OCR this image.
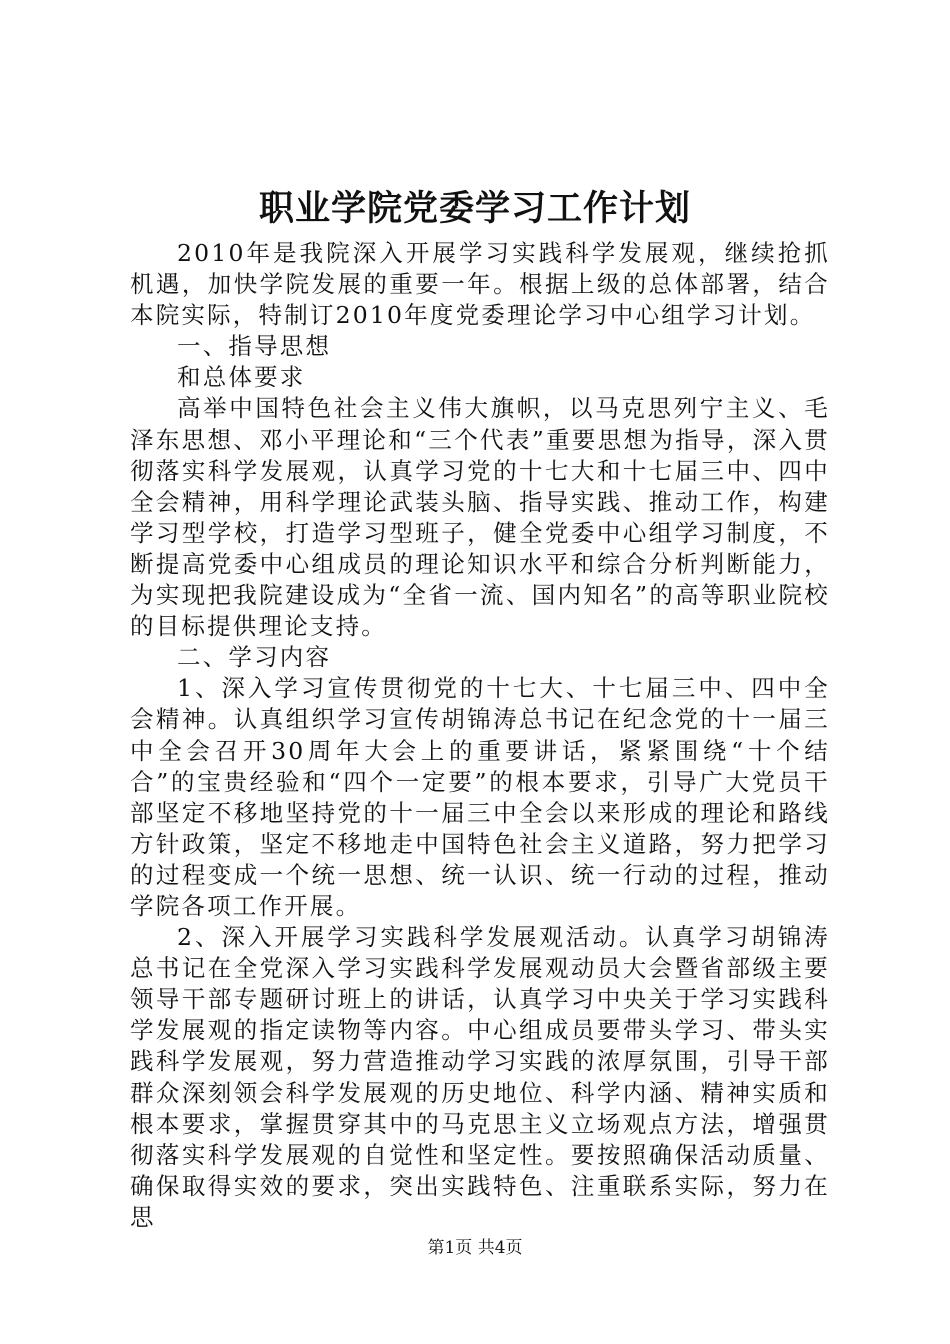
职业学院党委学习工作计划

2010年是我院深入开展学习实践科学发展观，继续抢抓机遇，加快学院发展的重要一年。根据上级的总体部署，结合本院实际，特制订2010年度党委理论学习中心组学习计划。

一、指导思想

和总体要求

高举中国特色社会主义伟大旗帜，以马克思列宁主义、毛泽东思想、邓小平理论和“三个代表”重要思想为指导，深入贯彻落实科学发展观，认真学习党的十七大和十七届三中、四中全会精神，用科学理论武装头脑、指导实践、推动工作，构建学习型学校，打造学习型班子，健全党委中心组学习制度，不断提高党委中心组成员的理论知识水平和综合分析判断能力，为实现把我院建设成为“全省一流、国内知名”的高等职业院校的目标提供理论支持。

二、学习内容

1、深入学习宣传贯彻党的十七大、十七届三中、四中全会精神。认真组织学习宣传胡锦涛总书记在纪念党的十一届三中全会召开30周年大会上的重要讲话，紧紧围绕“十个结合”的宝贵经验和“四个一定要”的根本要求，引导广大党员干部坚定不移地坚持党的十一届三中全会以来形成的理论和路线方针政策，坚定不移地走中国特色社会主义道路，努力把学习的过程变成一个统一思想、统一认识、统一行动的过程，推动学院各项工作开展。

2、深入开展学习实践科学发展观活动。认真学习胡锦涛总书记在全党深入学习实践科学发展观动员大会暨省部级主要领导干部专题研讨班上的讲话，认真学习中央关于学习实践科学发展观的指定读物等内容。中心组成员要带头学习、带头实践科学发展观，努力营造推动学习实践的浓厚氛围，引导干部群众深刻领会科学发展观的历史地位、科学内涵、精神实质和根本要求，掌握贯穿其中的马克思主义立场观点方法，增强贯彻落实科学发展观的自觉性和坚定性。要按照确保活动质量、确保取得实效的要求，突出实践特色、注重联系实际，努力在思

第1页 共4页
